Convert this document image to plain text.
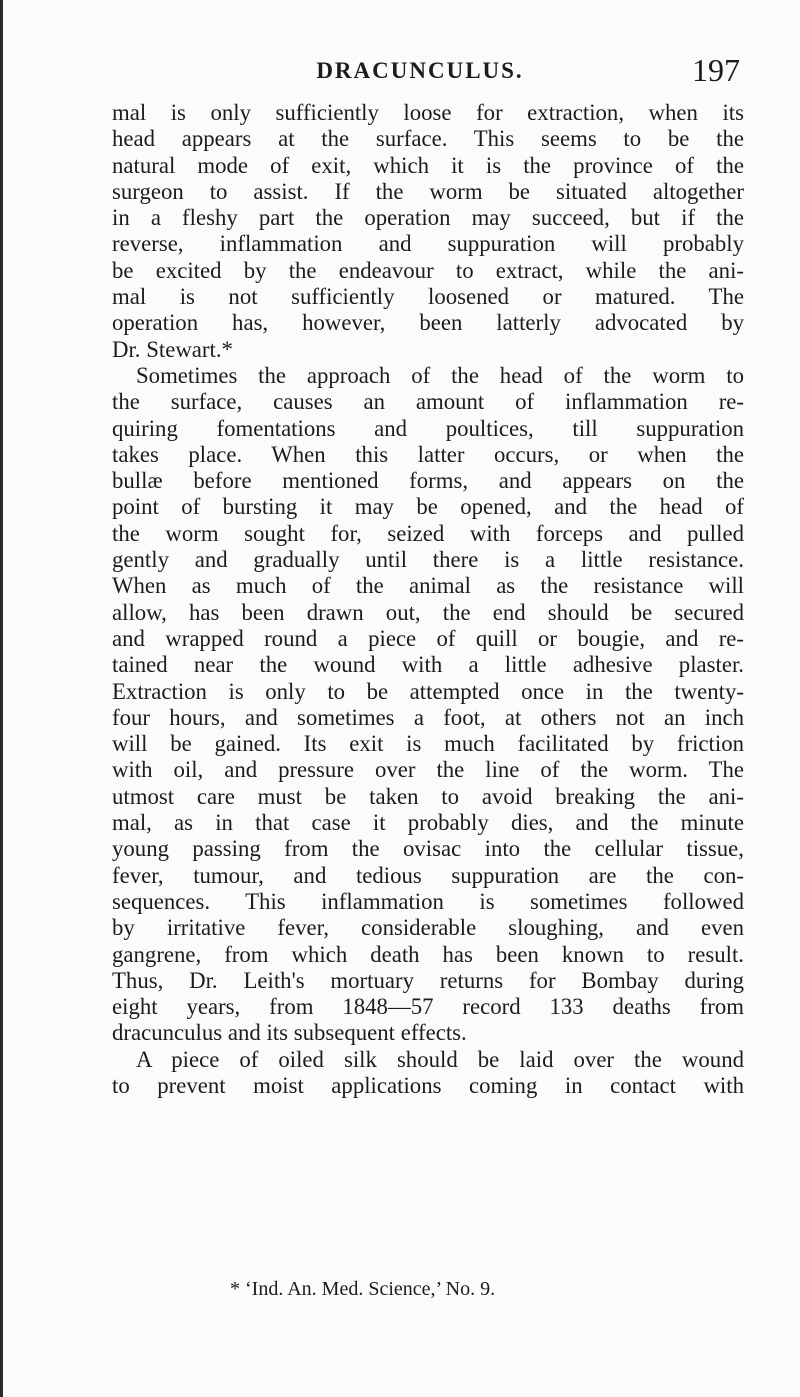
DRACUNCULUS.	197
mal is only sufficiently loose for extraction, when its
head appears at the surface. This seems to be the
natural mode of exit, which it is the province of the
surgeon to assist. If the worm be situated altogether
in a fleshy part the operation may succeed, but if the
reverse, inflammation and suppuration will probably
be excited by the endeavour to extract, while the ani-
mal is not sufficiently loosened or matured. The
operation has, however, been latterly advocated by
Dr. Stewart.*
Sometimes the approach of the head of the worm to
the surface, causes an amount of inflammation re-
quiring fomentations and poultices, till suppuration
takes place. When this latter occurs, or when the
bullæ before mentioned forms, and appears on the
point of bursting it may be opened, and the head of
the worm sought for, seized with forceps and pulled
gently and gradually until there is a little resistance.
When as much of the animal as the resistance will
allow, has been drawn out, the end should be secured
and wrapped round a piece of quill or bougie, and re-
tained near the wound with a little adhesive plaster.
Extraction is only to be attempted once in the twenty-
four hours, and sometimes a foot, at others not an inch
will be gained. Its exit is much facilitated by friction
with oil, and pressure over the line of the worm. The
utmost care must be taken to avoid breaking the ani-
mal, as in that case it probably dies, and the minute
young passing from the ovisac into the cellular tissue,
fever, tumour, and tedious suppuration are the con-
sequences. This inflammation is sometimes followed
by irritative fever, considerable sloughing, and even
gangrene, from which death has been known to result.
Thus, Dr. Leith's mortuary returns for Bombay during
eight years, from 1848—57 record 133 deaths from
dracunculus and its subsequent effects.
A piece of oiled silk should be laid over the wound
to prevent moist applications coming in contact with
* ‘Ind. An. Med. Science,’ No. 9.
